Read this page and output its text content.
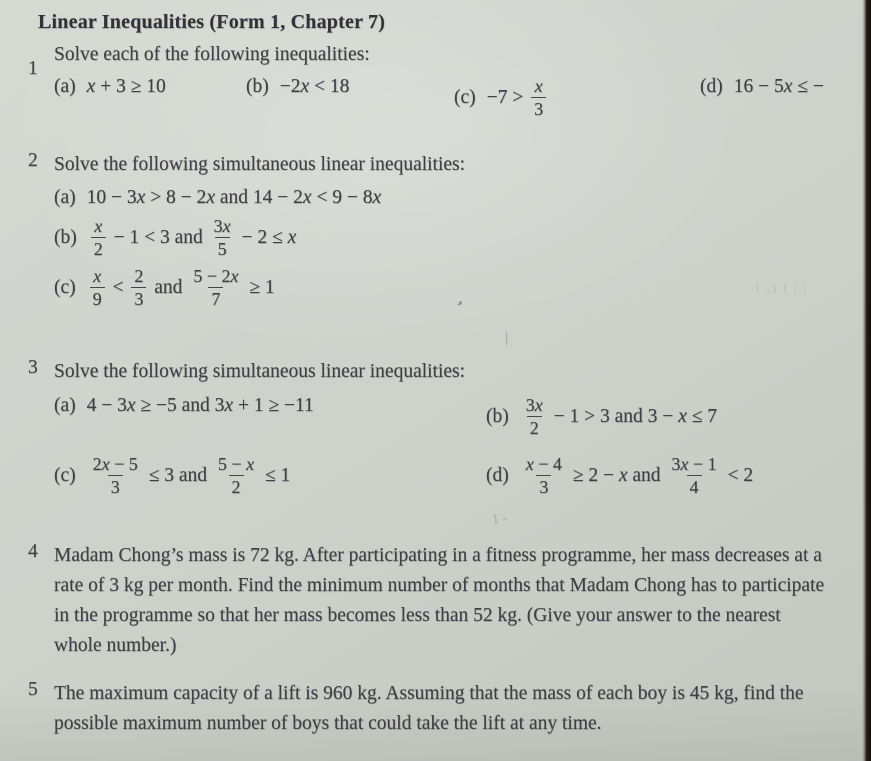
Linear Inequalities (Form 1, Chapter 7)
1
Solve each of the following inequalities:
(a) x + 3 ≥ 10	(b) −2x < 18
$(c) -7 > \frac{x}{3}$	(d) 16 − 5x ≤ −
2 Solve the following simultaneous linear inequalities:
(a) 10 − 3x > 8 − 2x and 14 − 2x < 9 − 8x
$(b) \frac{x}{2} - 1 < 3$ and $\frac{3x}{5} - 2 \le x$
$(c) \frac{x}{9} < \frac{2}{3}$ and $\frac{5 - 2x}{7} \ge 1$
3 Solve the following simultaneous linear inequalities:
(a) 4 − 3x ≥ −5 and 3x + 1 ≥ −11
$(b) \frac{3x}{2} - 1 > 3$ and 3 − x ≤ 7
$(c) \frac{2x - 5}{3} \le 3$ and $\frac{5 - x}{2} \le 1$	$(d) \frac{x - 4}{3} \ge 2 - x$ and $\frac{3x - 1}{4} < 2$
4 Madam Chong’s mass is 72 kg. After participating in a fitness programme, her mass decreases at a rate of 3 kg per month. Find the minimum number of months that Madam Chong has to participate in the programme so that her mass becomes less than 52 kg. (Give your answer to the nearest whole number.)
5 The maximum capacity of a lift is 960 kg. Assuming that the mass of each boy is 45 kg, find the possible maximum number of boys that could take the lift at any time.
,
|
1 -
( ,) ( | |
